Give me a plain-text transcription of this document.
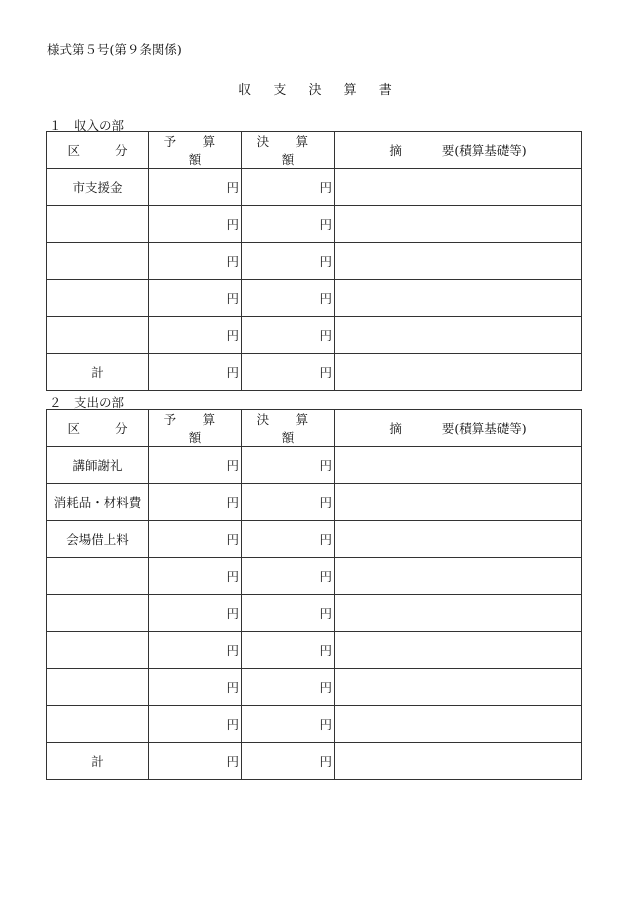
様式第５号(第９条関係)
収 支 決 算 書
１　収入の部
区　分	予 算 額	決 算 額	摘 要(積算基礎等)
市支援金	円	円	
	円	円	
	円	円	
	円	円	
	円	円	
計	円	円	
２　支出の部
区　分	予 算 額	決 算 額	摘 要(積算基礎等)
講師謝礼	円	円	
消耗品・材料費	円	円	
会場借上料	円	円	
	円	円	
	円	円	
	円	円	
	円	円	
	円	円	
計	円	円	
